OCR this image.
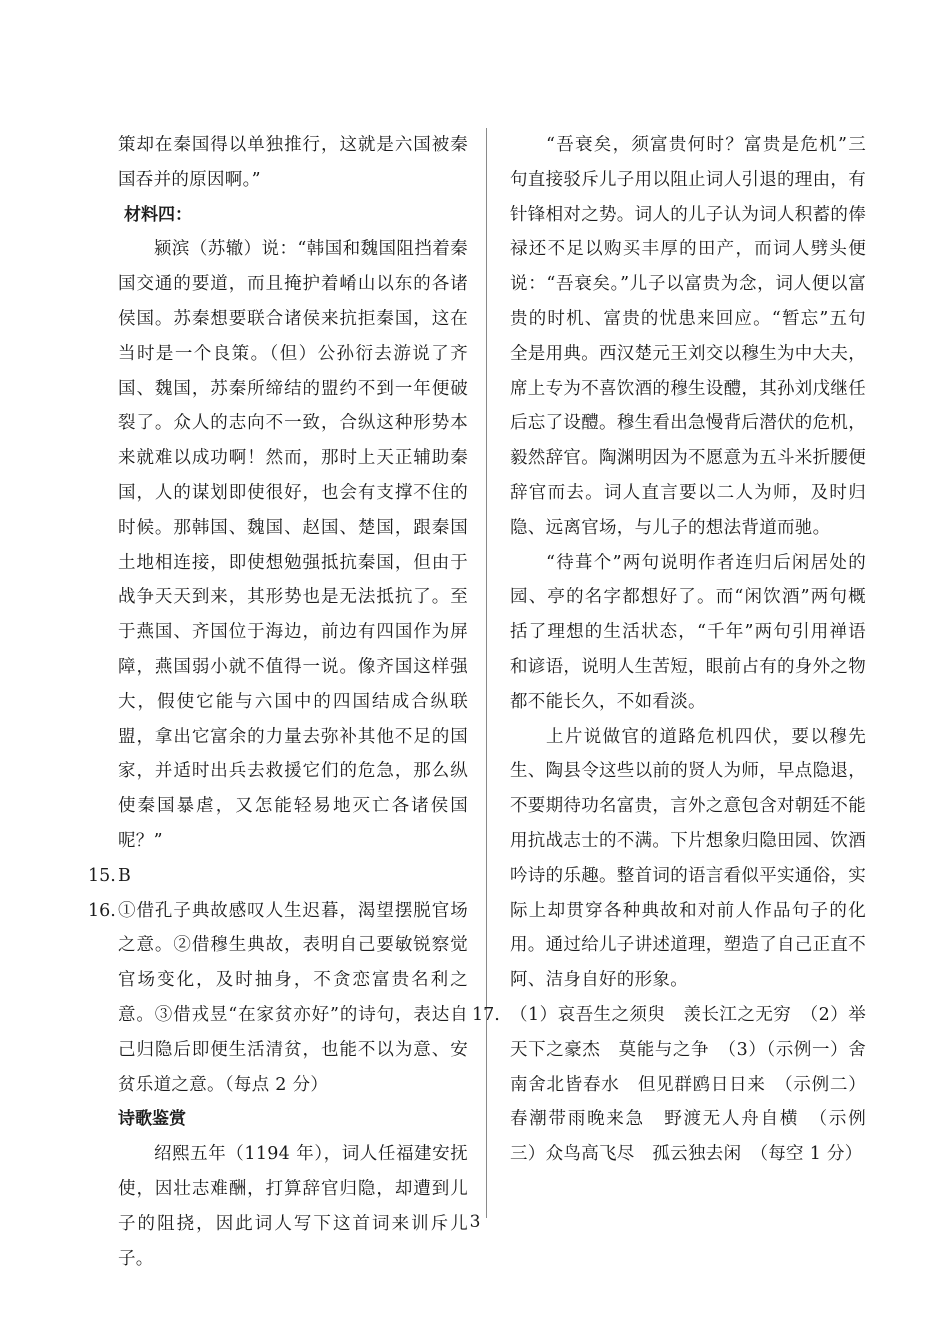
策却在秦国得以单独推行，这就是六国被秦国吞并的原因啊。”

材料四：

颍滨（苏辙）说：“韩国和魏国阻挡着秦国交通的要道，而且掩护着崤山以东的各诸侯国。苏秦想要联合诸侯来抗拒秦国，这在当时是一个良策。（但）公孙衍去游说了齐国、魏国，苏秦所缔结的盟约不到一年便破裂了。众人的志向不一致，合纵这种形势本来就难以成功啊！然而，那时上天正辅助秦国，人的谋划即使很好，也会有支撑不住的时候。那韩国、魏国、赵国、楚国，跟秦国土地相连接，即使想勉强抵抗秦国，但由于战争天天到来，其形势也是无法抵抗了。至于燕国、齐国位于海边，前边有四国作为屏障，燕国弱小就不值得一说。像齐国这样强大，假使它能与六国中的四国结成合纵联盟，拿出它富余的力量去弥补其他不足的国家，并适时出兵去救援它们的危急，那么纵使秦国暴虐，又怎能轻易地灭亡各诸侯国呢？”

15. B
16. ①借孔子典故感叹人生迟暮，渴望摆脱官场之意。②借穆生典故，表明自己要敏锐察觉官场变化，及时抽身，不贪恋富贵名利之意。③借戎昱“在家贫亦好”的诗句，表达自己归隐后即便生活清贫，也能不以为意、安贫乐道之意。（每点 2 分）

诗歌鉴赏

绍熙五年（1194 年），词人任福建安抚使，因壮志难酬，打算辞官归隐，却遭到儿子的阻挠，因此词人写下这首词来训斥儿子。

“吾衰矣，须富贵何时？富贵是危机”三句直接驳斥儿子用以阻止词人引退的理由，有针锋相对之势。词人的儿子认为词人积蓄的俸禄还不足以购买丰厚的田产，而词人劈头便说：“吾衰矣。”儿子以富贵为念，词人便以富贵的时机、富贵的忧患来回应。“暂忘”五句全是用典。西汉楚元王刘交以穆生为中大夫，席上专为不喜饮酒的穆生设醴，其孙刘戊继任后忘了设醴。穆生看出急慢背后潜伏的危机，毅然辞官。陶渊明因为不愿意为五斗米折腰便辞官而去。词人直言要以二人为师，及时归隐、远离官场，与儿子的想法背道而驰。

“待葺个”两句说明作者连归后闲居处的园、亭的名字都想好了。而“闲饮酒”两句概括了理想的生活状态，“千年”两句引用禅语和谚语，说明人生苦短，眼前占有的身外之物都不能长久，不如看淡。

上片说做官的道路危机四伏，要以穆先生、陶县令这些以前的贤人为师，早点隐退，不要期待功名富贵，言外之意包含对朝廷不能用抗战志士的不满。下片想象归隐田园、饮酒吟诗的乐趣。整首词的语言看似平实通俗，实际上却贯穿各种典故和对前人作品句子的化用。通过给儿子讲述道理，塑造了自己正直不阿、洁身自好的形象。

17. （1）哀吾生之须臾　羡长江之无穷　（2）举天下之豪杰　莫能与之争　（3）（示例一）舍南舍北皆春水　但见群鸥日日来　（示例二）春潮带雨晚来急　野渡无人舟自横　（示例三）众鸟高飞尽　孤云独去闲　（每空 1 分）
3
